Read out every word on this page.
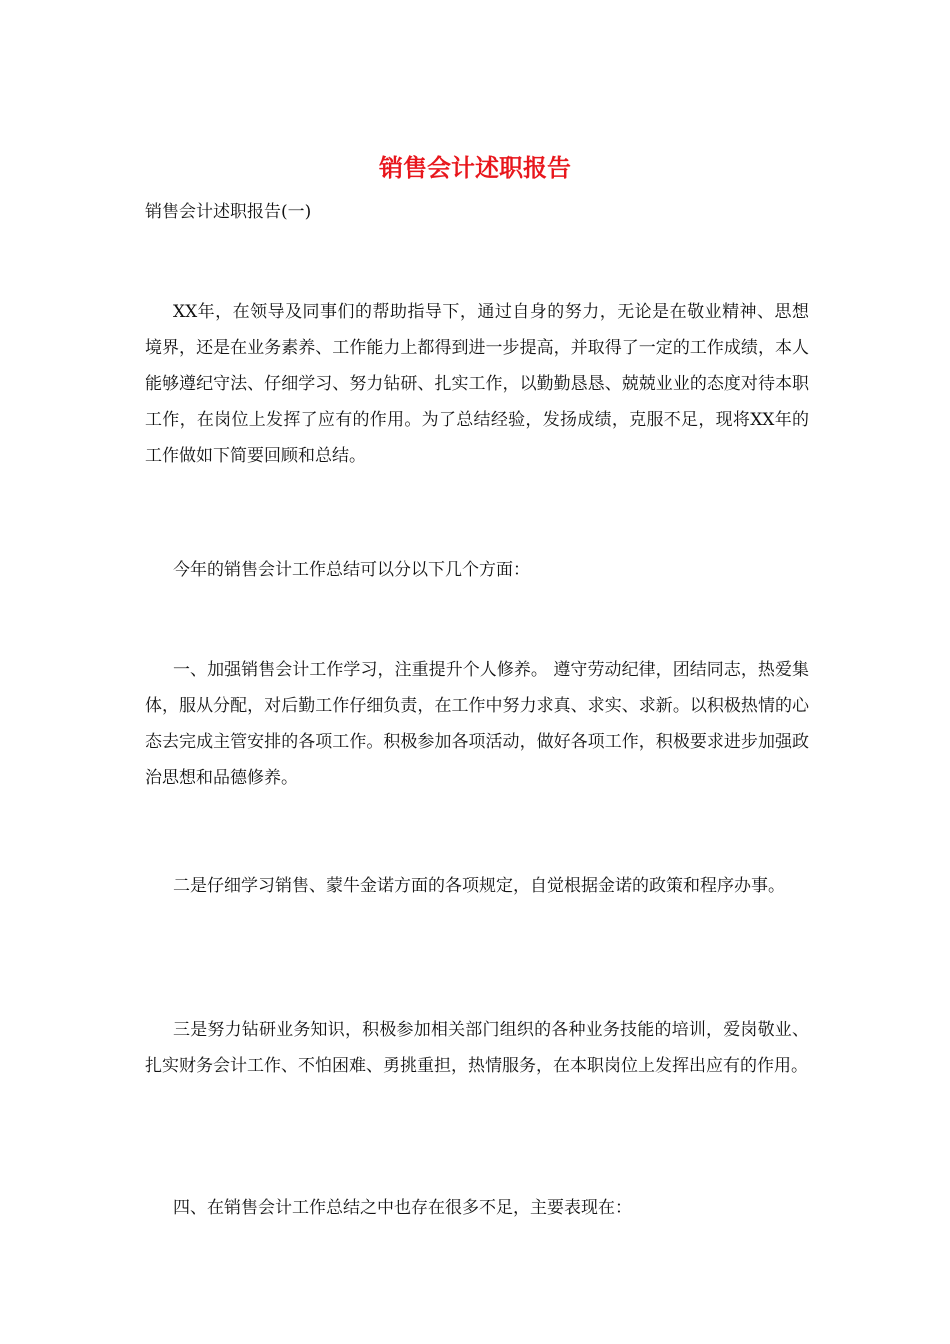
销售会计述职报告

销售会计述职报告(一)

XX年，在领导及同事们的帮助指导下，通过自身的努力，无论是在敬业精神、思想境界，还是在业务素养、工作能力上都得到进一步提高，并取得了一定的工作成绩，本人能够遵纪守法、仔细学习、努力钻研、扎实工作，以勤勤恳恳、兢兢业业的态度对待本职工作，在岗位上发挥了应有的作用。为了总结经验，发扬成绩，克服不足，现将XX年的工作做如下简要回顾和总结。

今年的销售会计工作总结可以分以下几个方面：

一、加强销售会计工作学习，注重提升个人修养。 遵守劳动纪律，团结同志，热爱集体，服从分配，对后勤工作仔细负责，在工作中努力求真、求实、求新。以积极热情的心态去完成主管安排的各项工作。积极参加各项活动，做好各项工作，积极要求进步加强政治思想和品德修养。

二是仔细学习销售、蒙牛金诺方面的各项规定，自觉根据金诺的政策和程序办事。

三是努力钻研业务知识，积极参加相关部门组织的各种业务技能的培训，爱岗敬业、扎实财务会计工作、不怕困难、勇挑重担，热情服务，在本职岗位上发挥出应有的作用。

四、在销售会计工作总结之中也存在很多不足，主要表现在：
